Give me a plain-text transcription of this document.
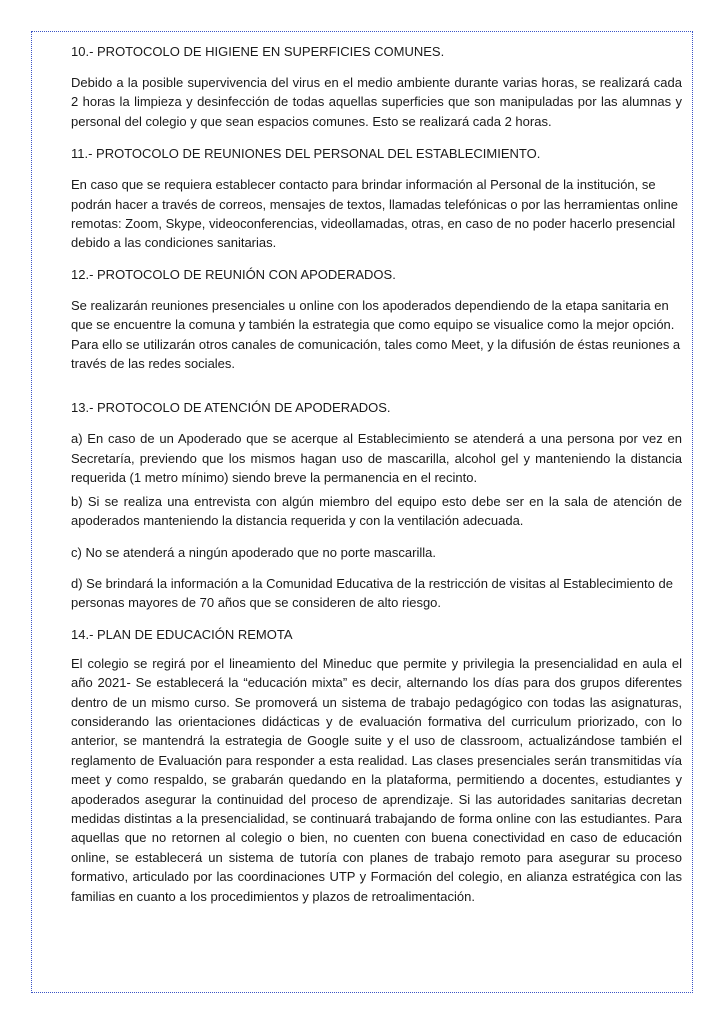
10.- PROTOCOLO DE HIGIENE EN SUPERFICIES COMUNES.

Debido a la posible supervivencia del virus en el medio ambiente durante varias horas, se realizará cada 2 horas la limpieza y desinfección de todas aquellas superficies que son manipuladas por las alumnas y personal del colegio y que sean espacios comunes. Esto se realizará cada 2 horas.

11.- PROTOCOLO DE REUNIONES DEL PERSONAL DEL ESTABLECIMIENTO.

En caso que se requiera establecer contacto para brindar información al Personal de la institución, se podrán hacer a través de correos, mensajes de textos, llamadas telefónicas o por las herramientas online remotas: Zoom, Skype, videoconferencias, videollamadas, otras, en caso de no poder hacerlo presencial debido a las condiciones sanitarias.

12.- PROTOCOLO DE REUNIÓN CON APODERADOS.

Se realizarán reuniones presenciales u online con los apoderados dependiendo de la etapa sanitaria en que se encuentre la comuna y también la estrategia que como equipo se visualice como la mejor opción. Para ello se utilizarán otros canales de comunicación, tales como Meet, y la difusión de éstas reuniones a través de las redes sociales.

13.- PROTOCOLO DE ATENCIÓN DE APODERADOS.

a) En caso de un Apoderado que se acerque al Establecimiento se atenderá a una persona por vez en Secretaría, previendo que los mismos hagan uso de mascarilla, alcohol gel y manteniendo la distancia requerida (1 metro mínimo) siendo breve la permanencia en el recinto.

b) Si se realiza una entrevista con algún miembro del equipo esto debe ser en la sala de atención de apoderados manteniendo la distancia requerida y con la ventilación adecuada.

c) No se atenderá a ningún apoderado que no porte mascarilla.

d) Se brindará la información a la Comunidad Educativa de la restricción de visitas al Establecimiento de personas mayores de 70 años que se consideren de alto riesgo.

14.- PLAN DE EDUCACIÓN REMOTA

El colegio se regirá por el lineamiento del Mineduc que permite y privilegia la presencialidad en aula el año 2021- Se establecerá la “educación mixta” es decir, alternando los días para dos grupos diferentes dentro de un mismo curso. Se promoverá un sistema de trabajo pedagógico con todas las asignaturas, considerando las orientaciones didácticas y de evaluación formativa del curriculum priorizado, con lo anterior, se mantendrá la estrategia de Google suite y el uso de classroom, actualizándose también el reglamento de Evaluación para responder a esta realidad. Las clases presenciales serán transmitidas vía meet y como respaldo, se grabarán quedando en la plataforma, permitiendo a docentes, estudiantes y apoderados asegurar la continuidad del proceso de aprendizaje. Si las autoridades sanitarias decretan medidas distintas a la presencialidad, se continuará trabajando de forma online con las estudiantes. Para aquellas que no retornen al colegio o bien, no cuenten con buena conectividad en caso de educación online, se establecerá un sistema de tutoría con planes de trabajo remoto para asegurar su proceso formativo, articulado por las coordinaciones UTP y Formación del colegio, en alianza estratégica con las familias en cuanto a los procedimientos y plazos de retroalimentación.
